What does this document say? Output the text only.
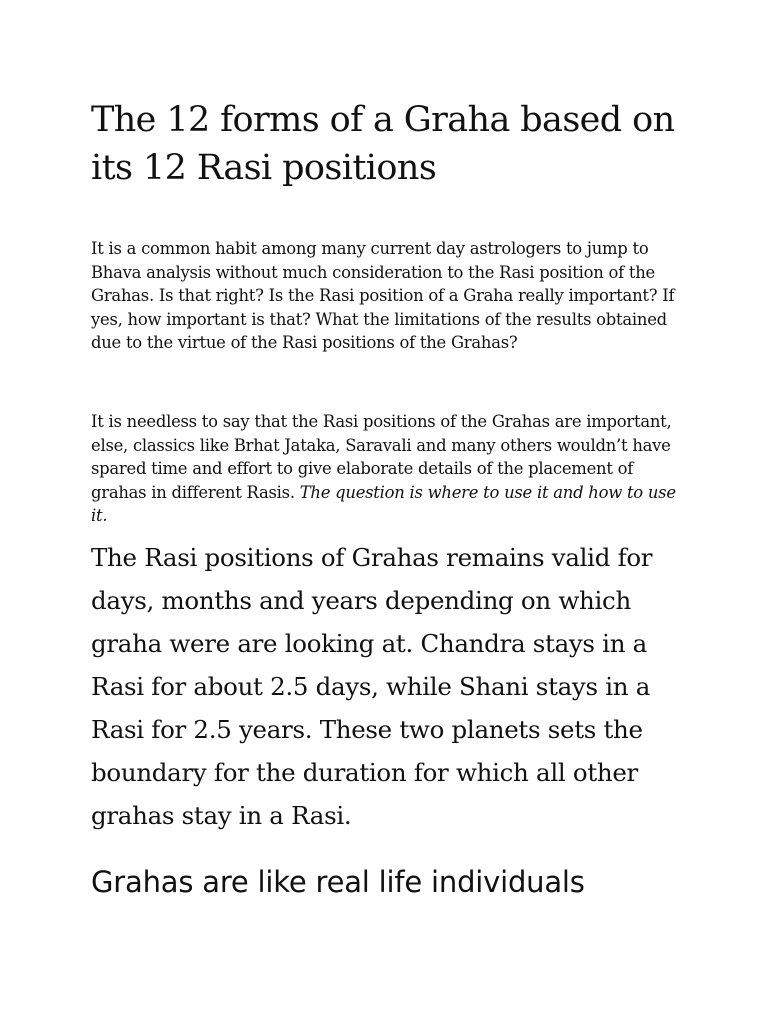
The 12 forms of a Graha based on its 12 Rasi positions

It is a common habit among many current day astrologers to jump to Bhava analysis without much consideration to the Rasi position of the Grahas. Is that right? Is the Rasi position of a Graha really important? If yes, how important is that? What the limitations of the results obtained due to the virtue of the Rasi positions of the Grahas?

It is needless to say that the Rasi positions of the Grahas are important, else, classics like Brhat Jataka, Saravali and many others wouldn’t have spared time and effort to give elaborate details of the placement of grahas in different Rasis. The question is where to use it and how to use it.

The Rasi positions of Grahas remains valid for days, months and years depending on which graha were are looking at. Chandra stays in a Rasi for about 2.5 days, while Shani stays in a Rasi for 2.5 years. These two planets sets the boundary for the duration for which all other grahas stay in a Rasi.

Grahas are like real life individuals
